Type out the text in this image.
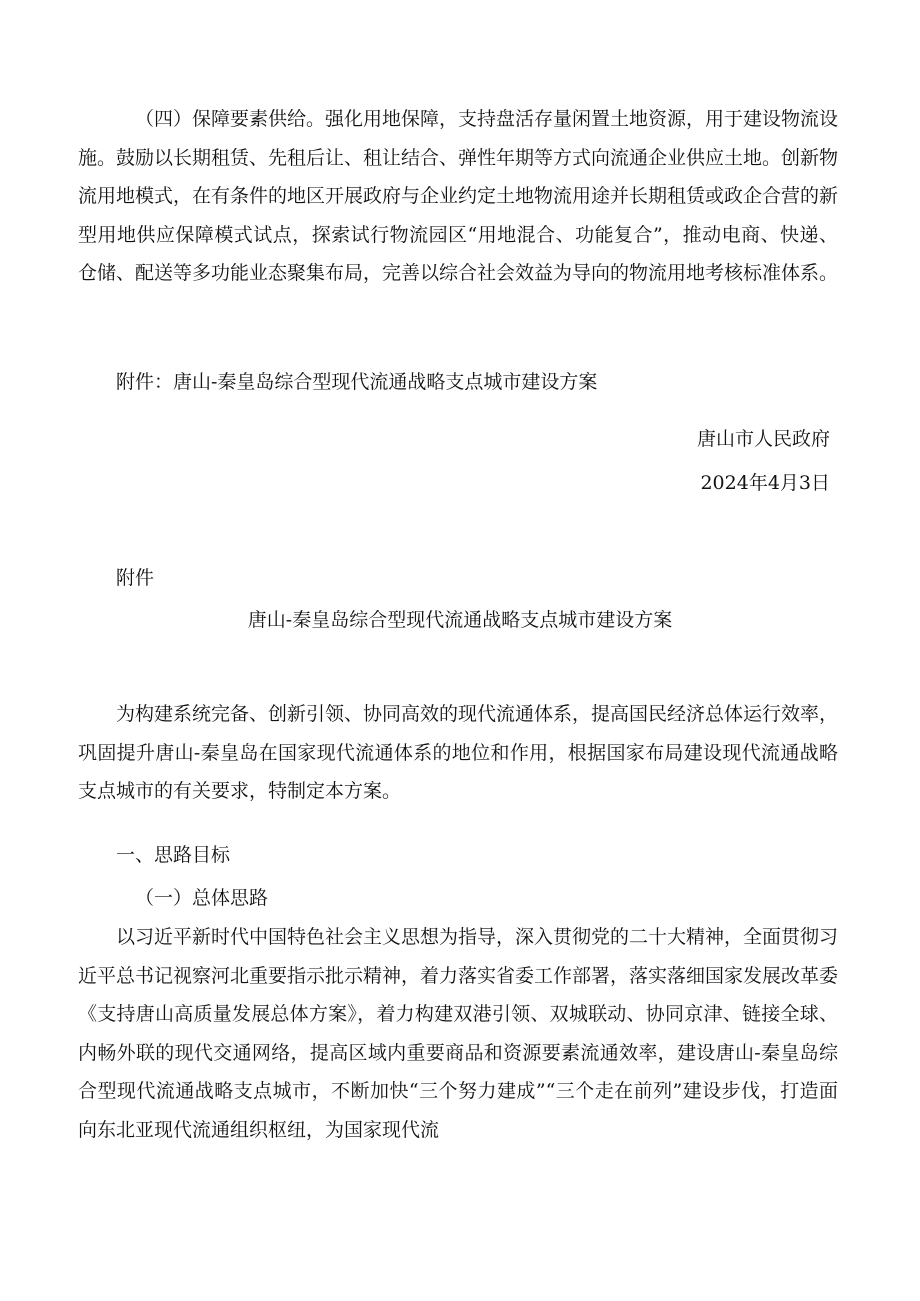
（四）保障要素供给。强化用地保障，支持盘活存量闲置土地资源，用于建设物流设施。鼓励以长期租赁、先租后让、租让结合、弹性年期等方式向流通企业供应土地。创新物流用地模式，在有条件的地区开展政府与企业约定土地物流用途并长期租赁或政企合营的新型用地供应保障模式试点，探索试行物流园区“用地混合、功能复合”，推动电商、快递、仓储、配送等多功能业态聚集布局，完善以综合社会效益为导向的物流用地考核标准体系。

附件：唐山-秦皇岛综合型现代流通战略支点城市建设方案

唐山市人民政府

2024年4月3日

附件

唐山-秦皇岛综合型现代流通战略支点城市建设方案

为构建系统完备、创新引领、协同高效的现代流通体系，提高国民经济总体运行效率，巩固提升唐山-秦皇岛在国家现代流通体系的地位和作用，根据国家布局建设现代流通战略支点城市的有关要求，特制定本方案。

一、思路目标

（一）总体思路

以习近平新时代中国特色社会主义思想为指导，深入贯彻党的二十大精神，全面贯彻习近平总书记视察河北重要指示批示精神，着力落实省委工作部署，落实落细国家发展改革委《支持唐山高质量发展总体方案》，着力构建双港引领、双城联动、协同京津、链接全球、内畅外联的现代交通网络，提高区域内重要商品和资源要素流通效率，建设唐山-秦皇岛综合型现代流通战略支点城市，不断加快“三个努力建成”“三个走在前列”建设步伐，打造面向东北亚现代流通组织枢纽，为国家现代流
